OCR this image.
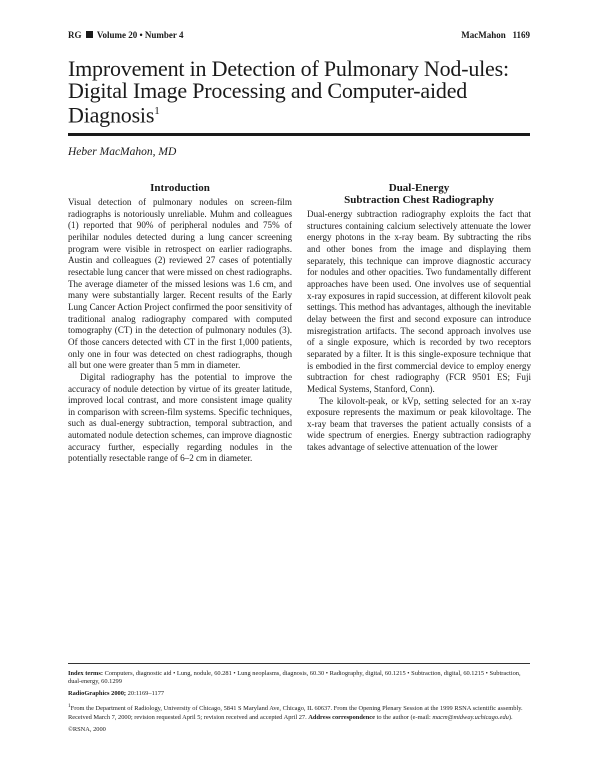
RG Volume 20 • Number 4	MacMahon 1169
Improvement in Detection of Pulmonary Nod-ules: Digital Image Processing and Computer-aided Diagnosis$^1$
Heber MacMahon, MD
Introduction

Visual detection of pulmonary nodules on screen-film radiographs is notoriously unreliable. Muhm and colleagues (1) reported that 90% of peripheral nodules and 75% of perihilar nodules detected during a lung cancer screening program were visible in retrospect on earlier radiographs. Austin and colleagues (2) reviewed 27 cases of potentially resectable lung cancer that were missed on chest radiographs. The average diameter of the missed lesions was 1.6 cm, and many were substantially larger. Recent results of the Early Lung Cancer Action Project confirmed the poor sensitivity of traditional analog radiography compared with computed tomography (CT) in the detection of pulmonary nodules (3). Of those cancers detected with CT in the first 1,000 patients, only one in four was detected on chest radiographs, though all but one were greater than 5 mm in diameter.

Digital radiography has the potential to improve the accuracy of nodule detection by virtue of its greater latitude, improved local contrast, and more consistent image quality in comparison with screen-film systems. Specific techniques, such as dual-energy subtraction, temporal subtraction, and automated nodule detection schemes, can improve diagnostic accuracy further, especially regarding nodules in the potentially resectable range of 6–2 cm in diameter.

Dual-Energy
Subtraction Chest Radiography

Dual-energy subtraction radiography exploits the fact that structures containing calcium selectively attenuate the lower energy photons in the x-ray beam. By subtracting the ribs and other bones from the image and displaying them separately, this technique can improve diagnostic accuracy for nodules and other opacities. Two fundamentally different approaches have been used. One involves use of sequential x-ray exposures in rapid succession, at different kilovolt peak settings. This method has advantages, although the inevitable delay between the first and second exposure can introduce misregistration artifacts. The second approach involves use of a single exposure, which is recorded by two receptors separated by a filter. It is this single-exposure technique that is embodied in the first commercial device to employ energy subtraction for chest radiography (FCR 9501 ES; Fuji Medical Systems, Stanford, Conn).

The kilovolt-peak, or kVp, setting selected for an x-ray exposure represents the maximum or peak kilovoltage. The x-ray beam that traverses the patient actually consists of a wide spectrum of energies. Energy subtraction radiography takes advantage of selective attenuation of the lower

Index terms: Computers, diagnostic aid • Lung, nodule, 60.281 • Lung neoplasms, diagnosis, 60.30 • Radiography, digital, 60.1215 • Subtraction, digital, 60.1215 • Subtraction, dual-energy, 60.1299

RadioGraphics 2000; 20:1169–1177

$^1$From the Department of Radiology, University of Chicago, 5841 S Maryland Ave, Chicago, IL 60637. From the Opening Plenary Session at the 1999 RSNA scientific assembly. Received March 7, 2000; revision requested April 5; revision received and accepted April 27. Address correspondence to the author (e-mail: macm@midway.uchicago.edu).

©RSNA, 2000
